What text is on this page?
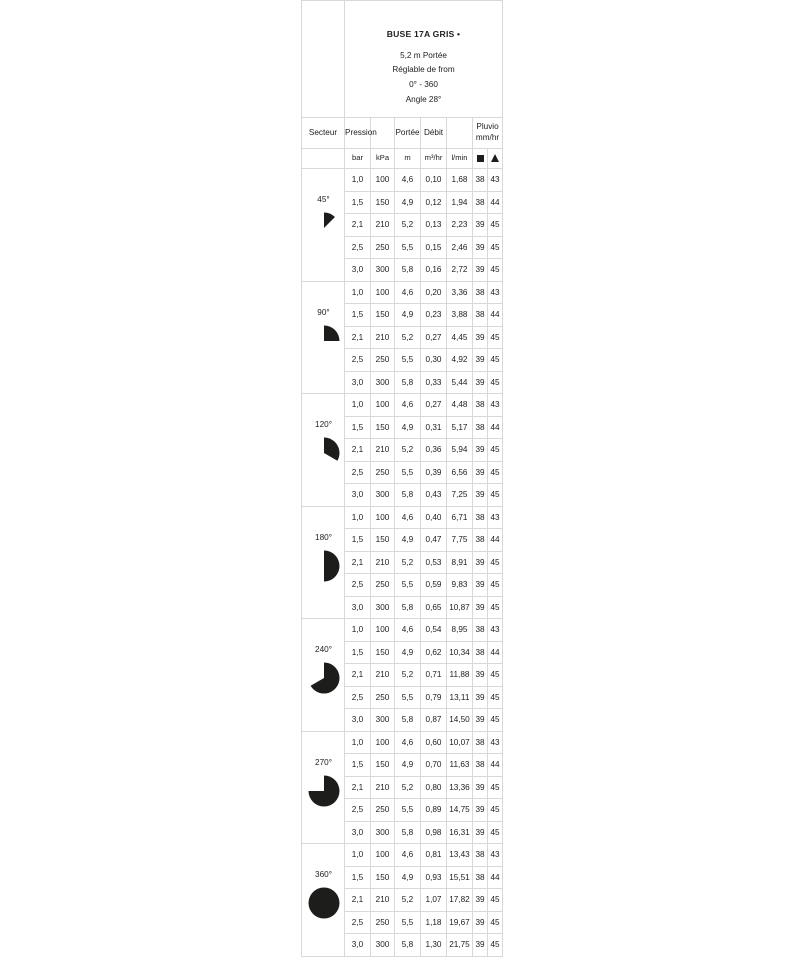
	BUSE 17A GRIS •
5,2 m Portée
Réglable de from
0° - 360
Angle 28°						

Secteur	Pression		Portée	Débit		Pluvio
mm/hr	

	bar	kPa	m	m³/hr	l/min		

45°	1,0	100	4,6	0,10	1,68	38	43
	1,5	150	4,9	0,12	1,94	38	44
	2,1	210	5,2	0,13	2,23	39	45
	2,5	250	5,5	0,15	2,46	39	45
	3,0	300	5,8	0,16	2,72	39	45

90°	1,0	100	4,6	0,20	3,36	38	43
	1,5	150	4,9	0,23	3,88	38	44
	2,1	210	5,2	0,27	4,45	39	45
	2,5	250	5,5	0,30	4,92	39	45
	3,0	300	5,8	0,33	5,44	39	45

120°	1,0	100	4,6	0,27	4,48	38	43
	1,5	150	4,9	0,31	5,17	38	44
	2,1	210	5,2	0,36	5,94	39	45
	2,5	250	5,5	0,39	6,56	39	45
	3,0	300	5,8	0,43	7,25	39	45

180°	1,0	100	4,6	0,40	6,71	38	43
	1,5	150	4,9	0,47	7,75	38	44
	2,1	210	5,2	0,53	8,91	39	45
	2,5	250	5,5	0,59	9,83	39	45
	3,0	300	5,8	0,65	10,87	39	45

240°	1,0	100	4,6	0,54	8,95	38	43
	1,5	150	4,9	0,62	10,34	38	44
	2,1	210	5,2	0,71	11,88	39	45
	2,5	250	5,5	0,79	13,11	39	45
	3,0	300	5,8	0,87	14,50	39	45

270°	1,0	100	4,6	0,60	10,07	38	43
	1,5	150	4,9	0,70	11,63	38	44
	2,1	210	5,2	0,80	13,36	39	45
	2,5	250	5,5	0,89	14,75	39	45
	3,0	300	5,8	0,98	16,31	39	45

360°	1,0	100	4,6	0,81	13,43	38	43
	1,5	150	4,9	0,93	15,51	38	44
	2,1	210	5,2	1,07	17,82	39	45
	2,5	250	5,5	1,18	19,67	39	45
	3,0	300	5,8	1,30	21,75	39	45
